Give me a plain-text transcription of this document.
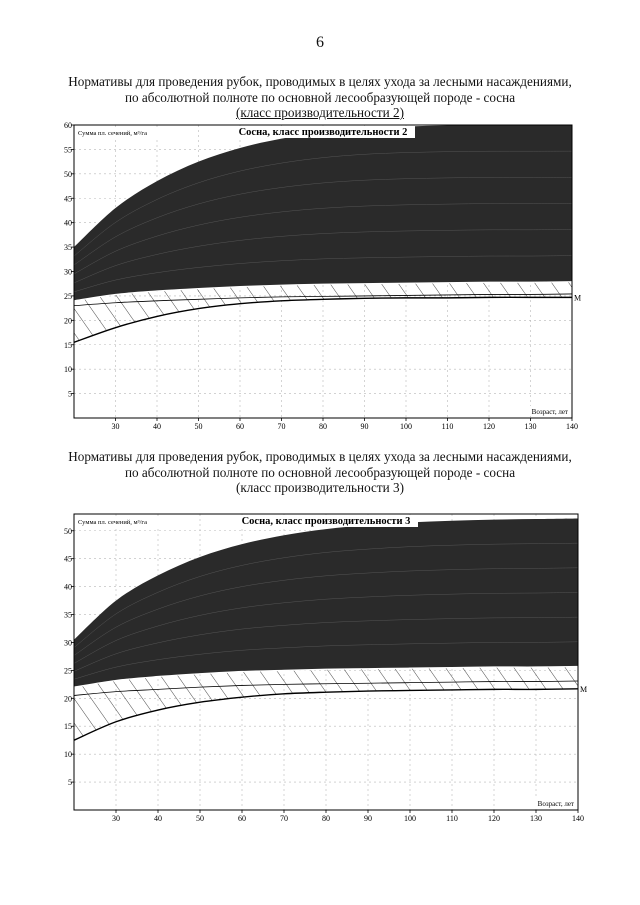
6
Нормативы для проведения рубок, проводимых в целях ухода за лесными насаждениями,
по абсолютной полноте по основной лесообразующей породе - сосна
(класс производительности 2)
30	40	50	60	70	80	90	100	110	120	130	140
5
10
15
20
25
30
35
40
45
50
55
60
Сосна, класс производительности 2
Сумма пл. сечений, м³/га
Возраст, лет
М
Нормативы для проведения рубок, проводимых в целях ухода за лесными насаждениями,
по абсолютной полноте по основной лесообразующей породе - сосна
(класс производительности 3)
30	40	50	60	70	80	90	100	110	120	130	140
5
10
15
20
25
30
35
40
45
50
Сосна, класс производительности 3
Сумма пл. сечений, м³/га
Возраст, лет
М
